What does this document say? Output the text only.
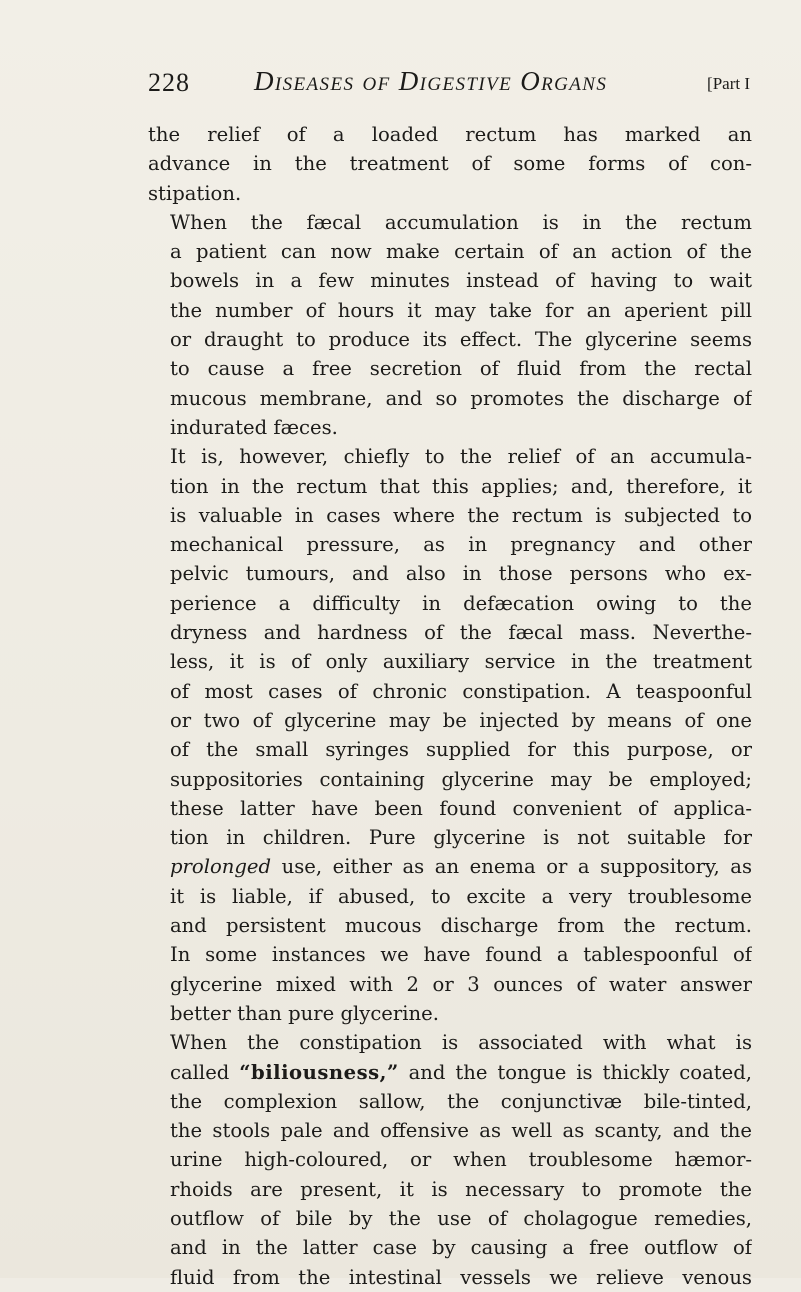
228 Diseases of Digestive Organs	[Part I

the relief of a loaded rectum has marked an
advance in the treatment of some forms of con-
stipation.

When the fæcal accumulation is in the rectum
a patient can now make certain of an action of the
bowels in a few minutes instead of having to wait
the number of hours it may take for an aperient pill
or draught to produce its effect. The glycerine seems
to cause a free secretion of fluid from the rectal
mucous membrane, and so promotes the discharge of
indurated fæces.

It is, however, chiefly to the relief of an accumula-
tion in the rectum that this applies; and, therefore, it
is valuable in cases where the rectum is subjected to
mechanical pressure, as in pregnancy and other
pelvic tumours, and also in those persons who ex-
perience a difficulty in defæcation owing to the
dryness and hardness of the fæcal mass. Neverthe-
less, it is of only auxiliary service in the treatment
of most cases of chronic constipation. A teaspoonful
or two of glycerine may be injected by means of one
of the small syringes supplied for this purpose, or
suppositories containing glycerine may be employed;
these latter have been found convenient of applica-
tion in children. Pure glycerine is not suitable for
prolonged use, either as an enema or a suppository, as
it is liable, if abused, to excite a very troublesome
and persistent mucous discharge from the rectum.
In some instances we have found a tablespoonful of
glycerine mixed with 2 or 3 ounces of water answer
better than pure glycerine.

When the constipation is associated with what is
called “biliousness,” and the tongue is thickly coated,
the complexion sallow, the conjunctivæ bile-tinted,
the stools pale and offensive as well as scanty, and the
urine high-coloured, or when troublesome hæmor-
rhoids are present, it is necessary to promote the
outflow of bile by the use of cholagogue remedies,
and in the latter case by causing a free outflow of
fluid from the intestinal vessels we relieve venous
